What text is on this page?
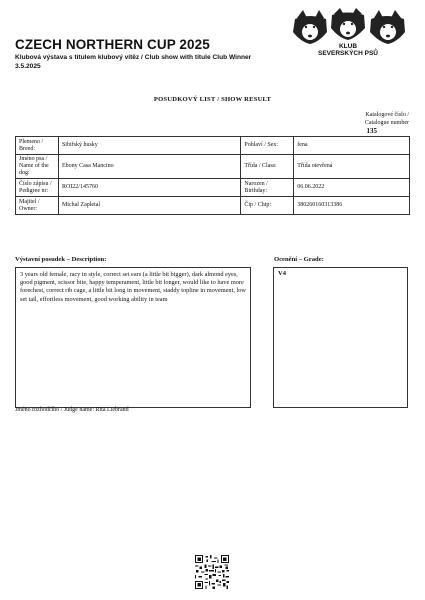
CZECH NORTHERN CUP 2025
Klubová výstava s titulem klubový vítěz / Club show with titule Club Winner
3.5.2025
KLUB
SEVERSKÝCH PSŮ
POSUDKOVÝ LIST / SHOW RESULT
Katalogové číslo /
Catalogue number
135
Plemeno / Breed:	Sibiřský husky	Pohlaví / Sex:	fena
Jméno psa / Name of the dog:	Ebony Casa Mancino	Třída / Class:	Třída otevřená
Číslo zápisu / Pedigree nr:	ROI22/145760	Narozen / Birthday:	06.06.2022
Majitel / Owner:	Michal Zapletal	Čip / Chip:	380260160313386
Výstavní posudek – Description:	Ocenění – Grade:
3 years old female, racy in style, correct set ears (a little bit bigger), dark almond eyes, good pigment, scissor bite, happy temperament, little bit longer, would like to have more forechest, correct rib cage, a little bit long in movement, staddy topline in movement, low set tail, effortless movement, good working ability in team
V4
Jméno rozhodčího / Judge name: Rita Liebrand
